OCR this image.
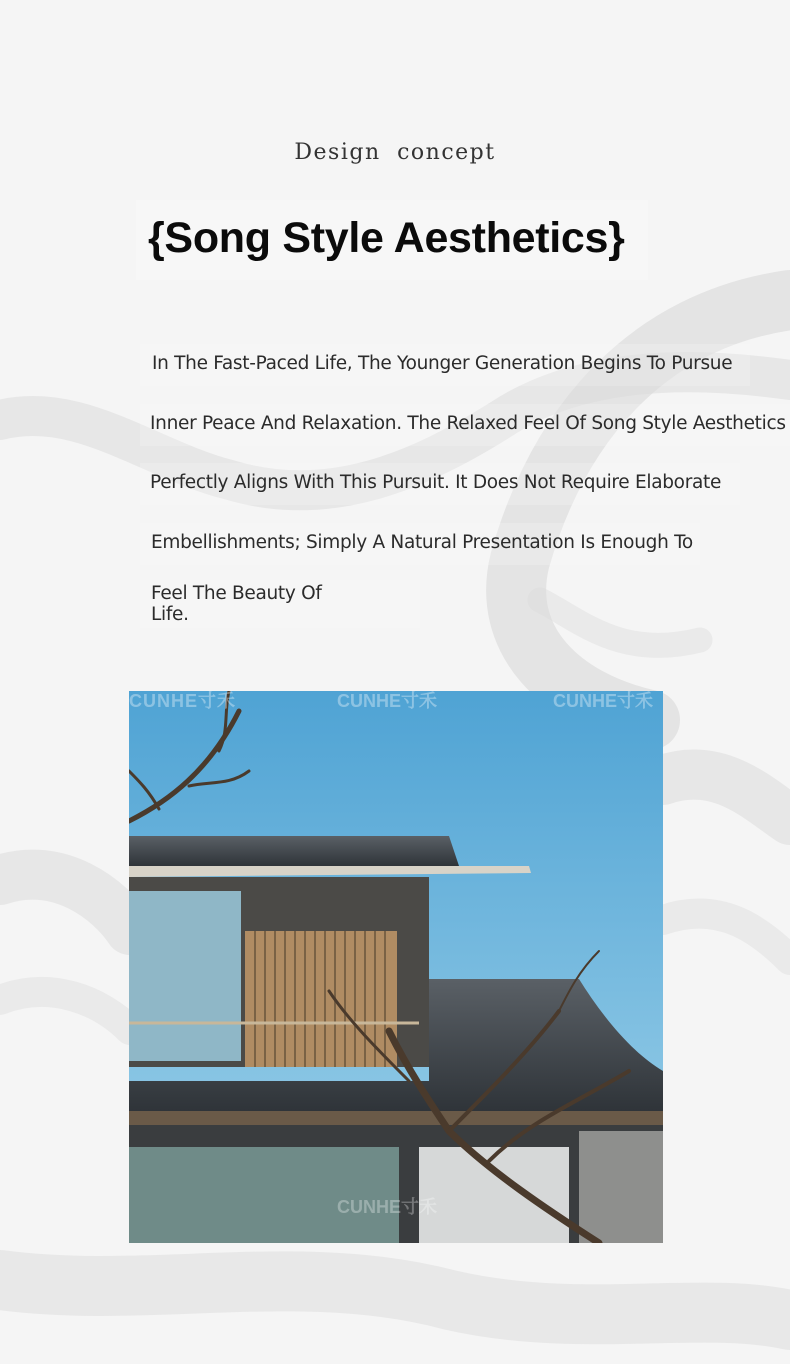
Design concept
{Song Style Aesthetics}
In The Fast-Paced Life, The Younger Generation Begins To Pursue
Inner Peace And Relaxation. The Relaxed Feel Of Song Style Aesthetics
Perfectly Aligns With This Pursuit. It Does Not Require Elaborate
Embellishments; Simply A Natural Presentation Is Enough To
Feel The Beauty Of
Life.
CUNHE寸禾	CUNHE寸禾	CUNHE寸禾
CUNHE寸禾
